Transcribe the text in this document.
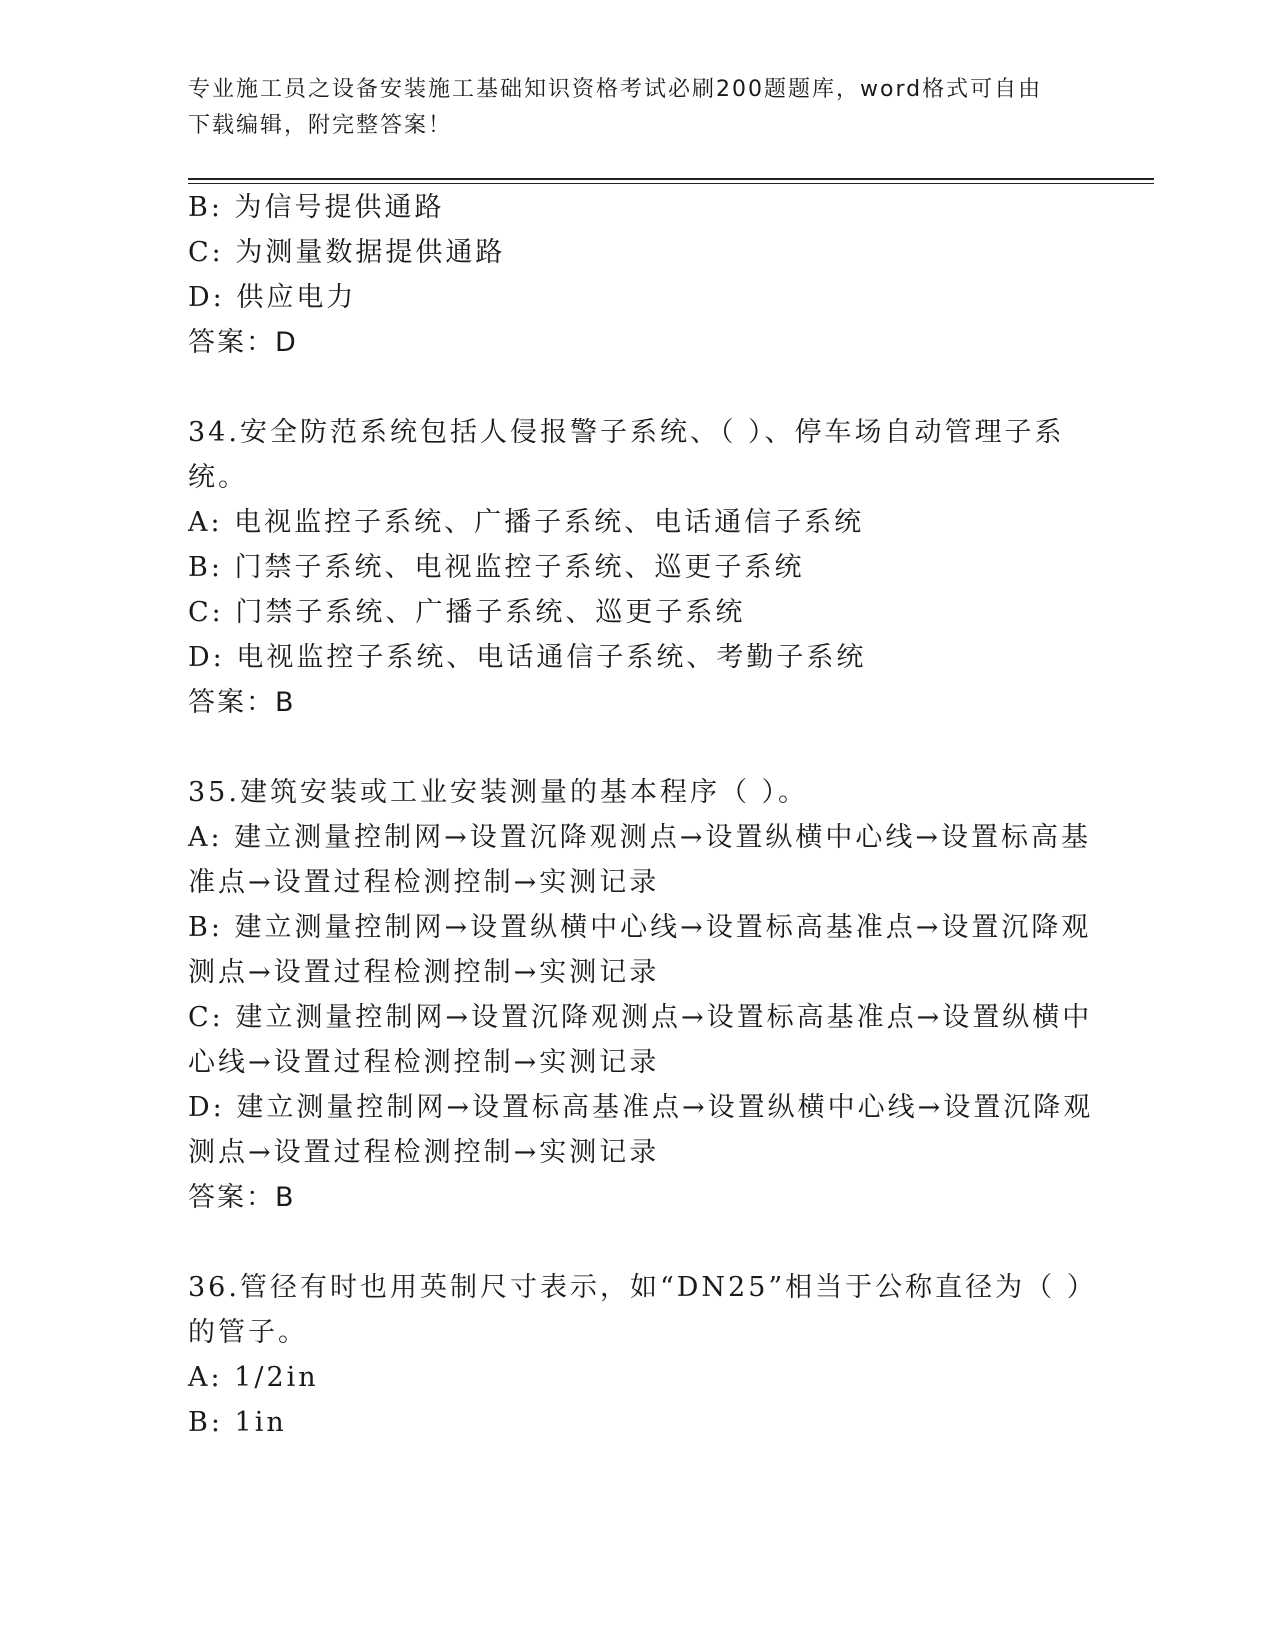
专业施工员之设备安装施工基础知识资格考试必刷200题题库，word格式可自由
下载编辑，附完整答案！
B: 为信号提供通路
C: 为测量数据提供通路
D: 供应电力
答案：D
34.安全防范系统包括人侵报警子系统、（ ）、停车场自动管理子系
统。
A: 电视监控子系统、广播子系统、电话通信子系统
B: 门禁子系统、电视监控子系统、巡更子系统
C: 门禁子系统、广播子系统、巡更子系统
D: 电视监控子系统、电话通信子系统、考勤子系统
答案：B
35.建筑安装或工业安装测量的基本程序（ ）。
A: 建立测量控制网→设置沉降观测点→设置纵横中心线→设置标高基
准点→设置过程检测控制→实测记录
B: 建立测量控制网→设置纵横中心线→设置标高基准点→设置沉降观
测点→设置过程检测控制→实测记录
C: 建立测量控制网→设置沉降观测点→设置标高基准点→设置纵横中
心线→设置过程检测控制→实测记录
D: 建立测量控制网→设置标高基准点→设置纵横中心线→设置沉降观
测点→设置过程检测控制→实测记录
答案：B
36.管径有时也用英制尺寸表示，如“DN25”相当于公称直径为（ ）
的管子。
A: 1/2in
B: 1in
